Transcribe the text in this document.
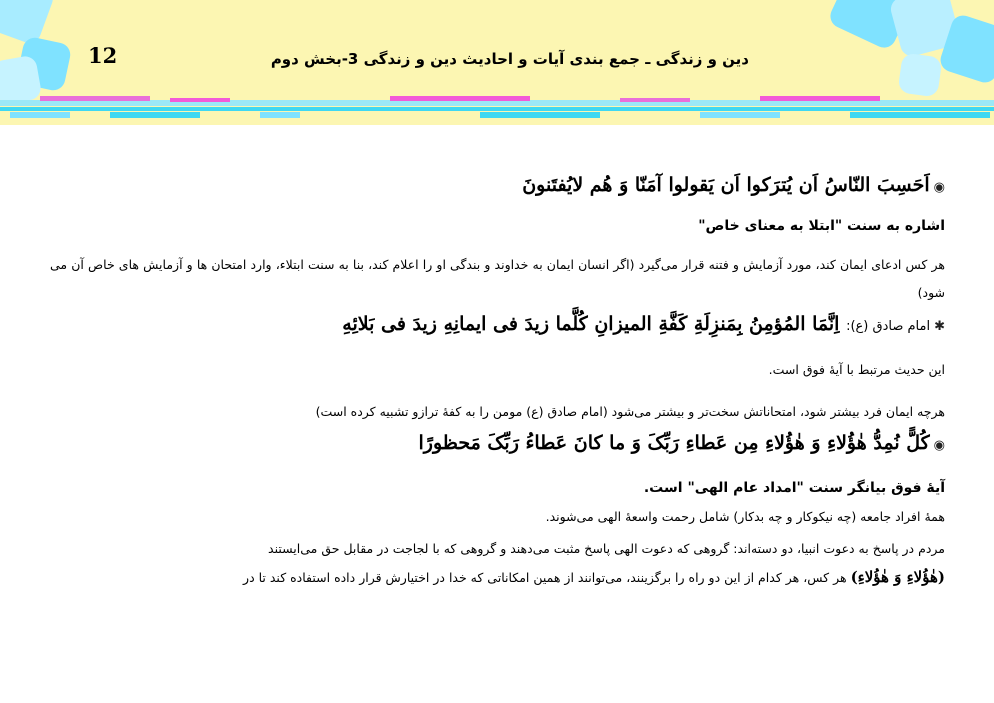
12	دین و زندگی ـ جمع بندی آیات و احادیث دین و زندگی 3-بخش دوم
◉اَحَسِبَ النّاسُ اَن یُترَکوا اَن یَقولوا آمَنّا وَ هُم لایُفتَنونَ
اشاره به سنت "ابتلا به معنای خاص"
هر کس ادعای ایمان کند، مورد آزمایش و فتنه قرار می‌گیرد (اگر انسان ایمان به خداوند و بندگی او را اعلام کند، بنا به سنت ابتلاء، وارد امتحان ها و آزمایش های خاص آن می شود)
✱امام صادق (ع): اِنَّمَا المُؤمِنُ بِمَنزِلَةِ کَفَّةِ المیزانِ کُلَّما زیدَ فی ایمانِهِ زیدَ فی بَلائِهِ
این حدیث مرتبط با آیۀ فوق است.
هرچه ایمان فرد بیشتر شود، امتحاناتش سخت‌تر و بیشتر می‌شود (امام صادق (ع) مومن را به کفۀ ترازو تشبیه کرده است)
◉کُلًّ نُمِدُّ هٰؤُلاءِ وَ هٰؤُلاءِ مِن عَطاءِ رَبِّکَ وَ ما کانَ عَطاءُ رَبِّکَ مَحظورًا
آیۀ فوق بیانگر سنت "امداد عام الهی" است.
همۀ افراد جامعه (چه نیکوکار و چه بدکار) شامل رحمت واسعۀ الهی می‌شوند.
مردم در پاسخ به دعوت انبیا، دو دسته‌اند: گروهی که دعوت الهی پاسخ مثبت می‌دهند و گروهی که با لجاجت در مقابل حق می‌ایستند
(هٰؤُلاءِ وَ هٰؤُلاءِ) هر کس، هر کدام از این دو راه را برگزینند، می‌توانند از همین امکاناتی که خدا در اختیارش قرار داده استفاده کند تا در
